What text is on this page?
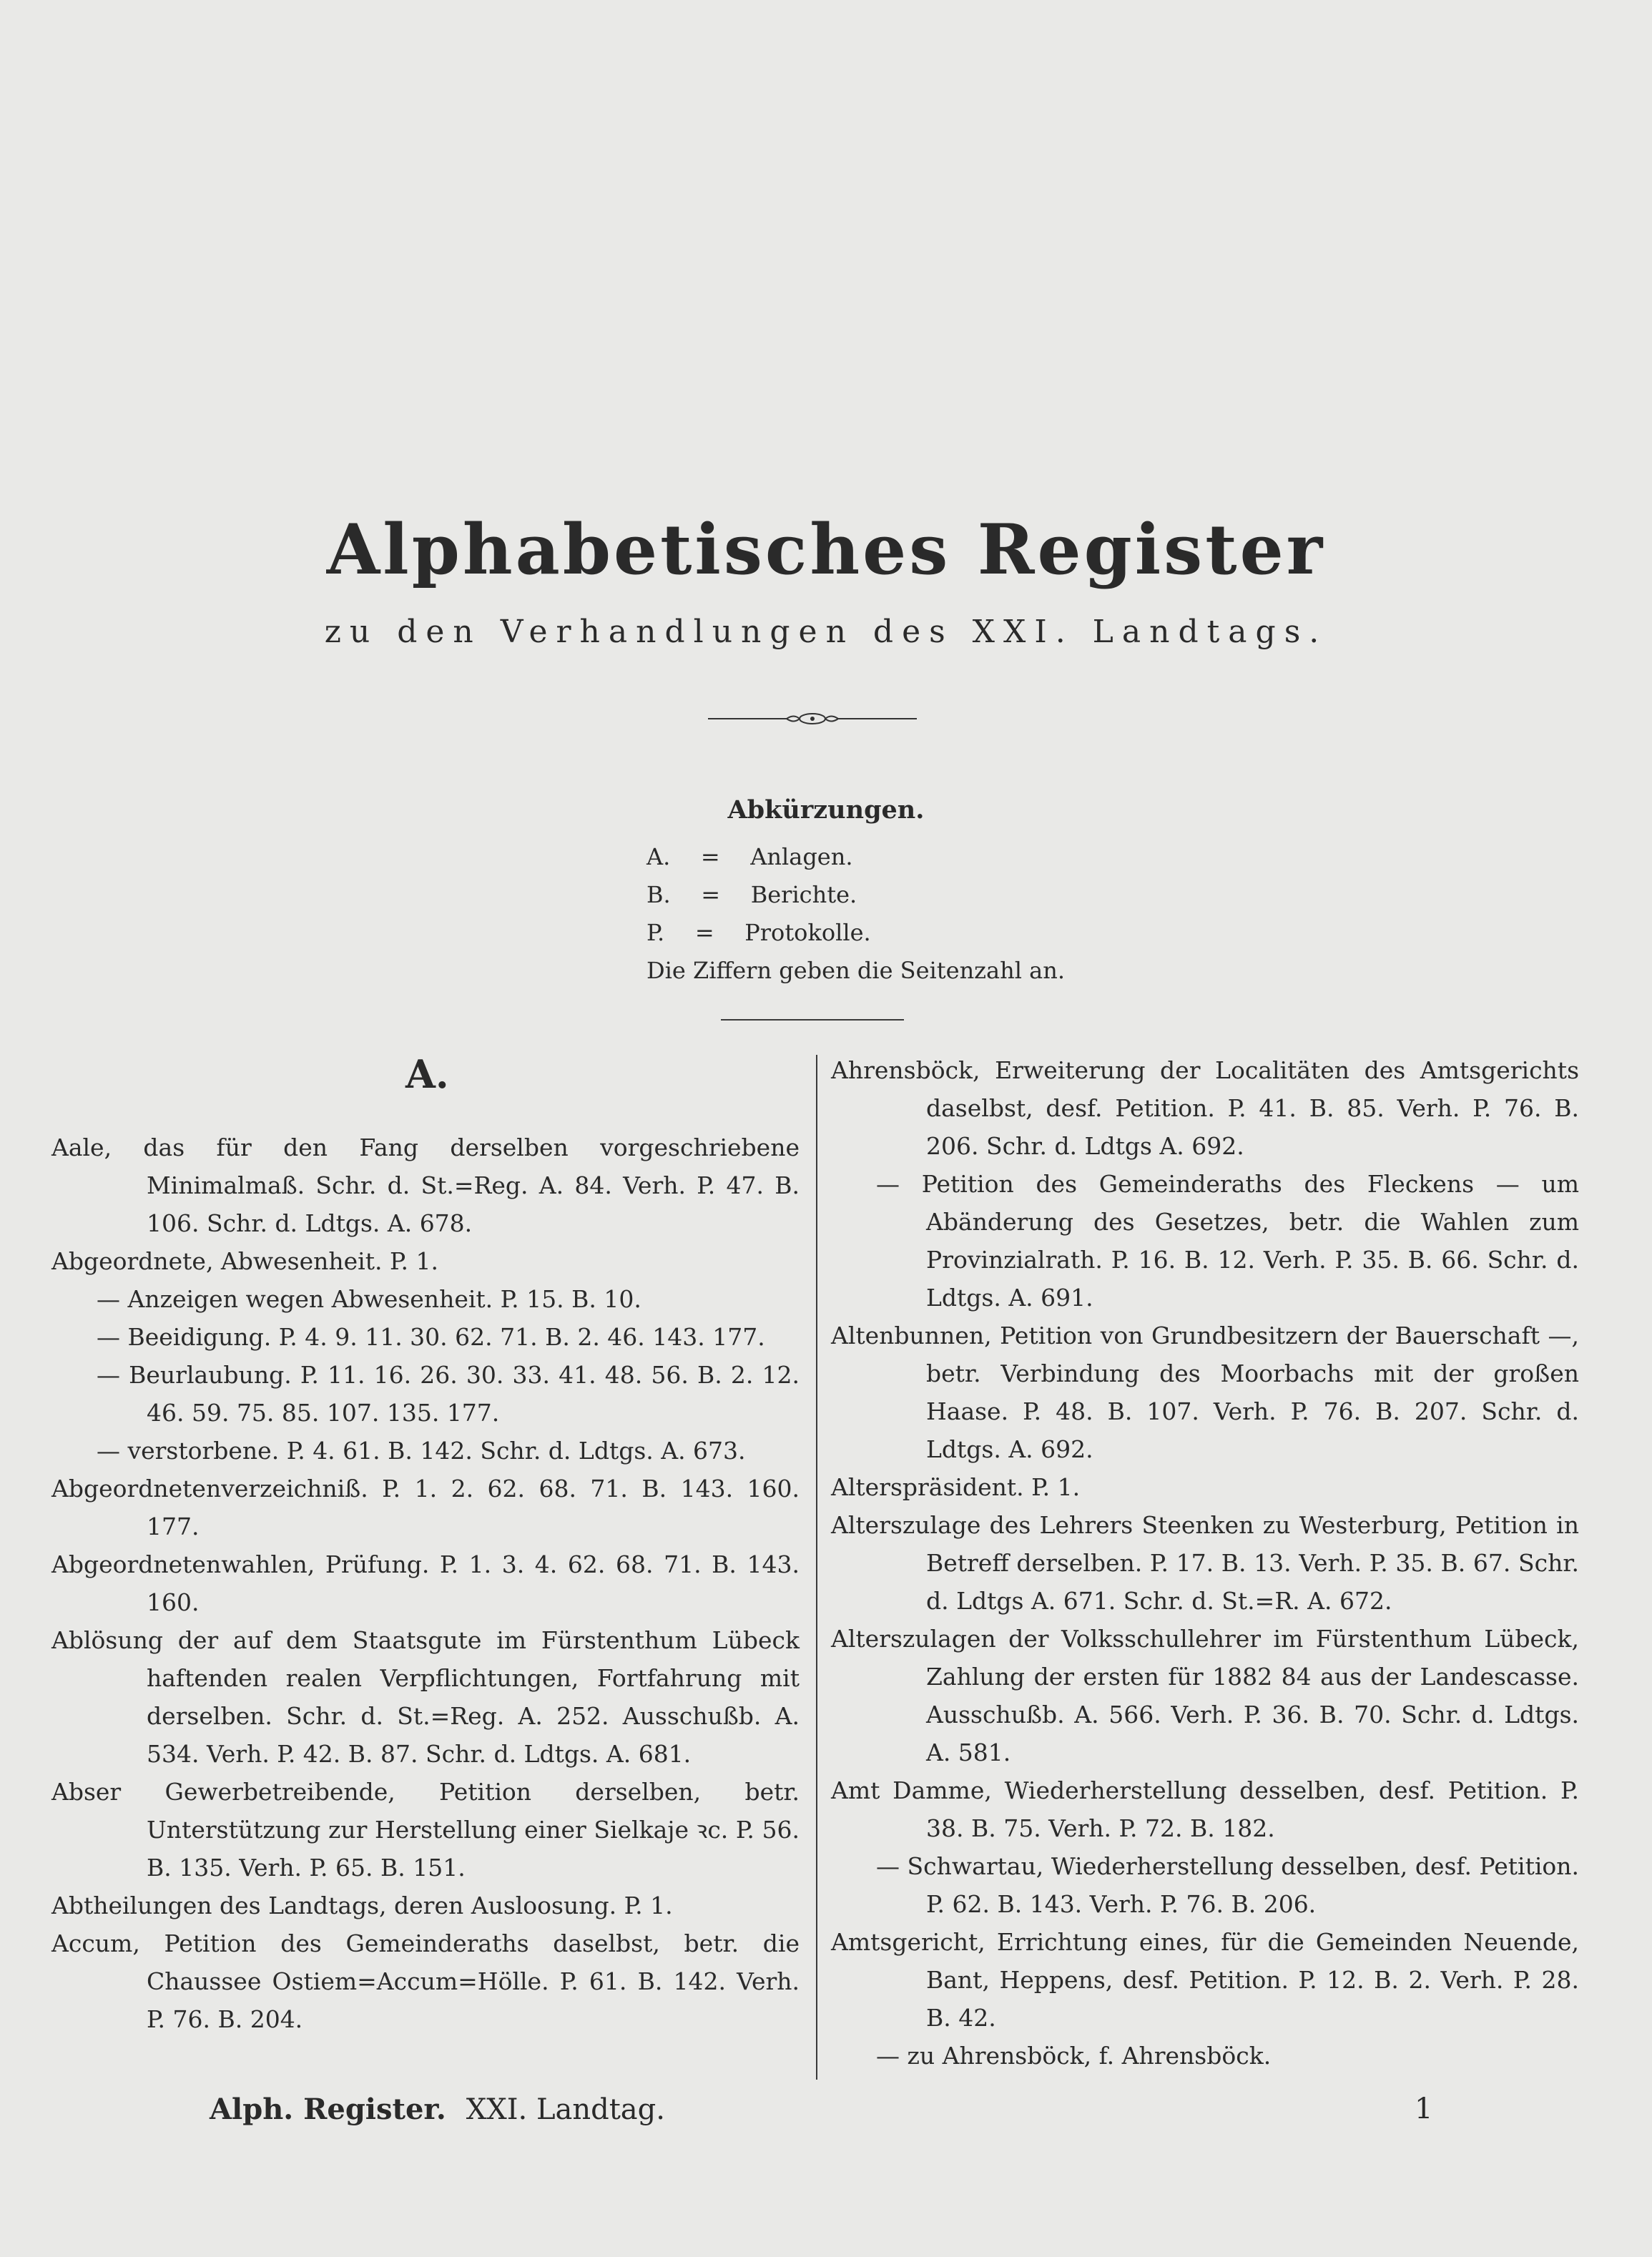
Alphabetisches Register

zu den Verhandlungen des XXI. Landtags.

Abkürzungen.

A. = Anlagen.
B. = Berichte.
P. = Protokolle.
Die Ziffern geben die Seitenzahl an.

A.

Aale, das für den Fang derselben vorgeschriebene Minimalmaß. Schr. d. St.=Reg. A. 84. Verh. P. 47. B. 106. Schr. d. Ldtgs. A. 678.

Abgeordnete, Abwesenheit. P. 1.

— Anzeigen wegen Abwesenheit. P. 15. B. 10.

— Beeidigung. P. 4. 9. 11. 30. 62. 71. B. 2. 46. 143. 177.

— Beurlaubung. P. 11. 16. 26. 30. 33. 41. 48. 56. B. 2. 12. 46. 59. 75. 85. 107. 135. 177.

— verstorbene. P. 4. 61. B. 142. Schr. d. Ldtgs. A. 673.

Abgeordnetenverzeichniß. P. 1. 2. 62. 68. 71. B. 143. 160. 177.

Abgeordnetenwahlen, Prüfung. P. 1. 3. 4. 62. 68. 71. B. 143. 160.

Ablösung der auf dem Staatsgute im Fürstenthum Lübeck haftenden realen Verpflichtungen, Fortfahrung mit derselben. Schr. d. St.=Reg. A. 252. Ausschußb. A. 534. Verh. P. 42. B. 87. Schr. d. Ldtgs. A. 681.

Abser Gewerbetreibende, Petition derselben, betr. Unterstützung zur Herstellung einer Sielkaje ꝛc. P. 56. B. 135. Verh. P. 65. B. 151.

Abtheilungen des Landtags, deren Ausloosung. P. 1.

Accum, Petition des Gemeinderaths daselbst, betr. die Chaussee Ostiem=Accum=Hölle. P. 61. B. 142. Verh. P. 76. B. 204.

Ahrensböck, Erweiterung der Localitäten des Amtsgerichts daselbst, desf. Petition. P. 41. B. 85. Verh. P. 76. B. 206. Schr. d. Ldtgs A. 692.

— Petition des Gemeinderaths des Fleckens — um Abänderung des Gesetzes, betr. die Wahlen zum Provinzialrath. P. 16. B. 12. Verh. P. 35. B. 66. Schr. d. Ldtgs. A. 691.

Altenbunnen, Petition von Grundbesitzern der Bauerschaft —, betr. Verbindung des Moorbachs mit der großen Haase. P. 48. B. 107. Verh. P. 76. B. 207. Schr. d. Ldtgs. A. 692.

Alterspräsident. P. 1.

Alterszulage des Lehrers Steenken zu Westerburg, Petition in Betreff derselben. P. 17. B. 13. Verh. P. 35. B. 67. Schr. d. Ldtgs A. 671. Schr. d. St.=R. A. 672.

Alterszulagen der Volksschullehrer im Fürstenthum Lübeck, Zahlung der ersten für 1882 84 aus der Landescasse. Ausschußb. A. 566. Verh. P. 36. B. 70. Schr. d. Ldtgs. A. 581.

Amt Damme, Wiederherstellung desselben, desf. Petition. P. 38. B. 75. Verh. P. 72. B. 182.

— Schwartau, Wiederherstellung desselben, desf. Petition. P. 62. B. 143. Verh. P. 76. B. 206.

Amtsgericht, Errichtung eines, für die Gemeinden Neuende, Bant, Heppens, desf. Petition. P. 12. B. 2. Verh. P. 28. B. 42.

— zu Ahrensböck, f. Ahrensböck.

Alph. Register. XXI. Landtag.	1
